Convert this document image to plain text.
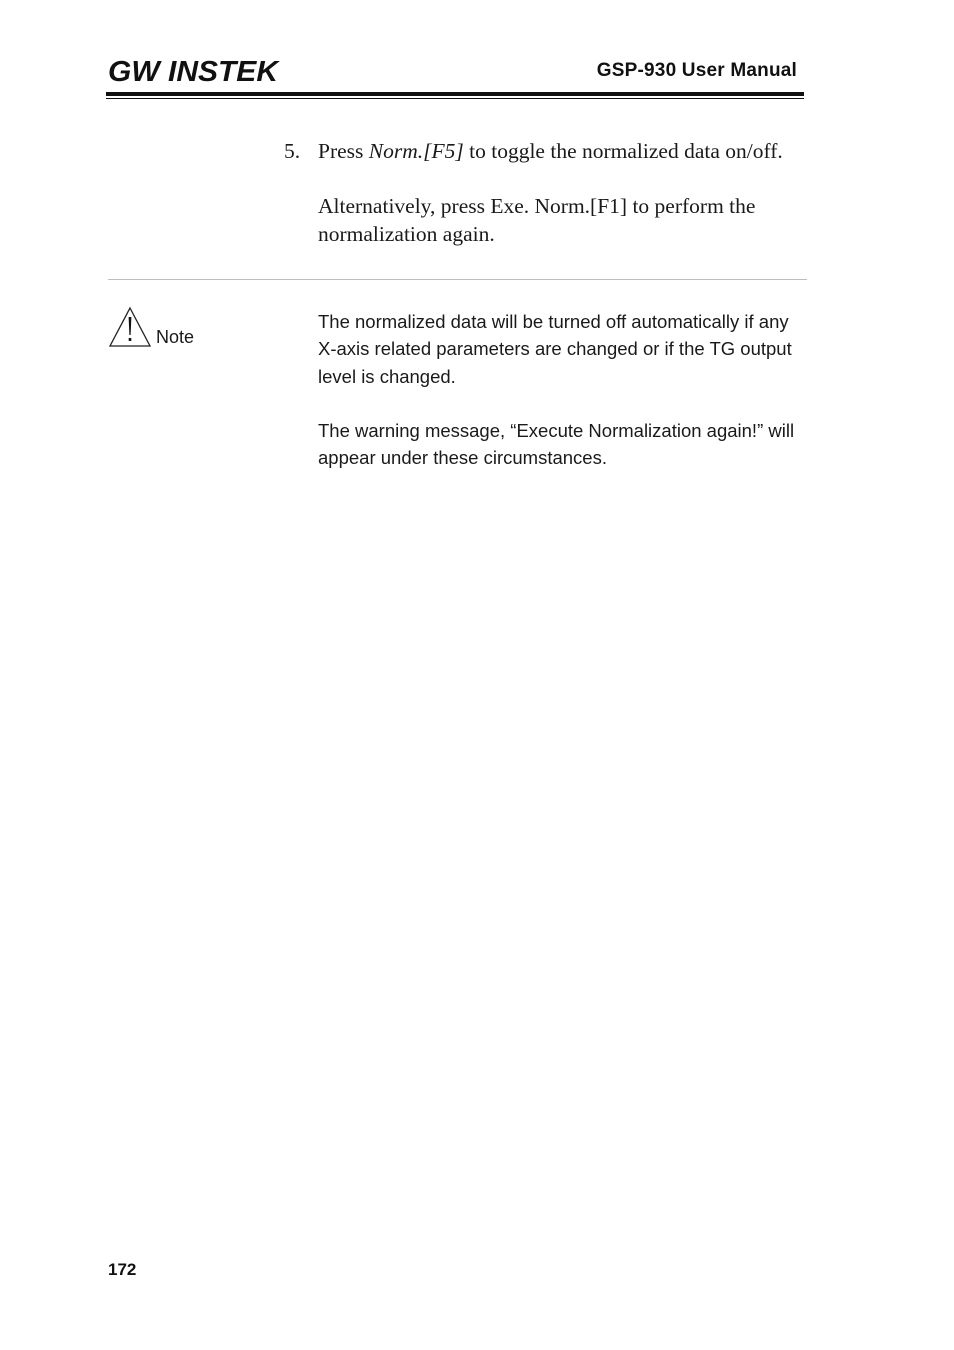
GW INSTEK	GSP-930 User Manual
5. Press Norm.[F5] to toggle the normalized data on/off.

Alternatively, press Exe. Norm.[F1] to perform the normalization again.

Note

The normalized data will be turned off automatically if any X-axis related parameters are changed or if the TG output level is changed.

The warning message, “Execute Normalization again!” will appear under these circumstances.

172
